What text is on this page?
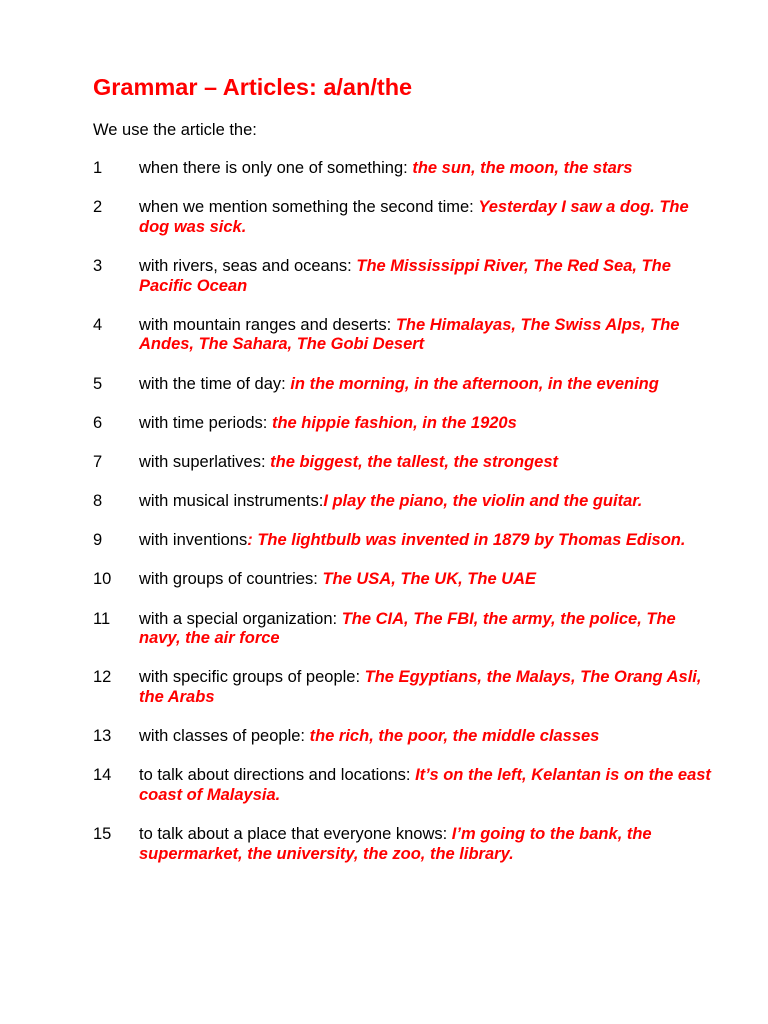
Grammar – Articles: a/an/the
We use the article the:
1	when there is only one of something: the sun, the moon, the stars
2	when we mention something the second time: Yesterday I saw a dog. The dog was sick.
3	with rivers, seas and oceans: The Mississippi River, The Red Sea, The Pacific Ocean
4	with mountain ranges and deserts: The Himalayas, The Swiss Alps, The Andes, The Sahara, The Gobi Desert
5	with the time of day: in the morning, in the afternoon, in the evening
6	with time periods: the hippie fashion, in the 1920s
7	with superlatives: the biggest, the tallest, the strongest
8	with musical instruments:I play the piano, the violin and the guitar.
9	with inventions: The lightbulb was invented in 1879 by Thomas Edison.
10	with groups of countries: The USA, The UK, The UAE
11	with a special organization: The CIA, The FBI, the army, the police, The navy, the air force
12	with specific groups of people: The Egyptians, the Malays, The Orang Asli, the Arabs
13	with classes of people: the rich, the poor, the middle classes
14	to talk about directions and locations: It’s on the left, Kelantan is on the east coast of Malaysia.
15	to talk about a place that everyone knows: I’m going to the bank, the supermarket, the university, the zoo, the library.
